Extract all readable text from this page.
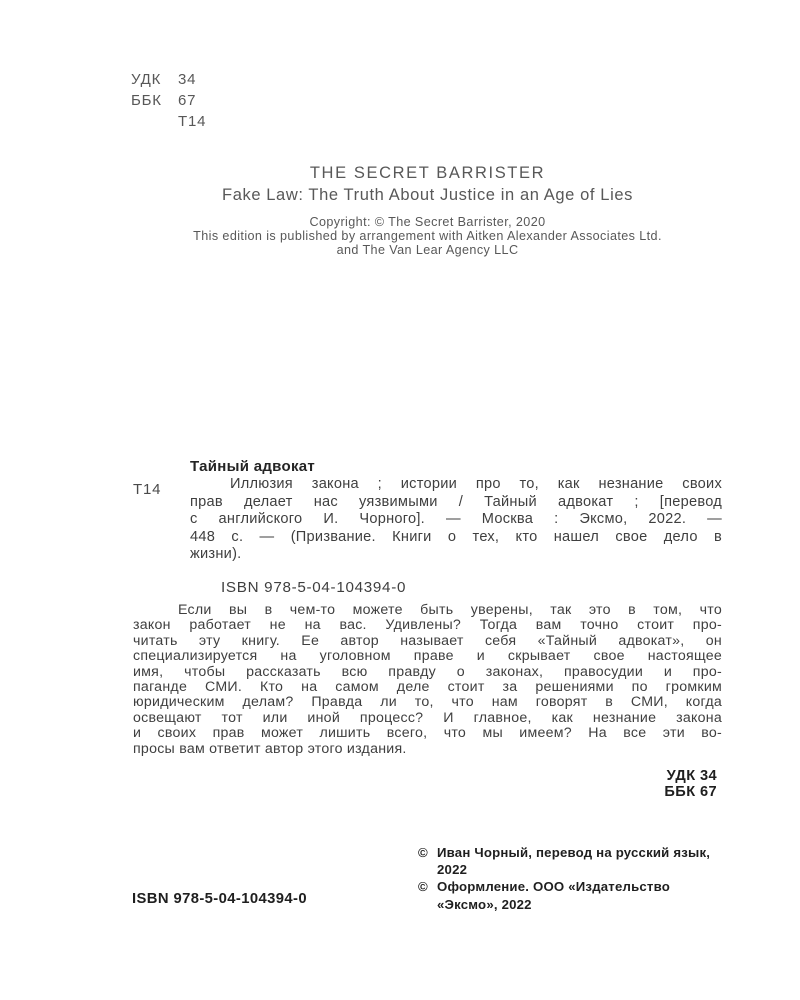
УДК	34
ББК	67
Т14
THE SECRET BARRISTER
Fake Law: The Truth About Justice in an Age of Lies
Copyright: © The Secret Barrister, 2020
This edition is published by arrangement with Aitken Alexander Associates Ltd.
and The Van Lear Agency LLC
Т14
Тайный адвокат
Иллюзия закона ; истории про то, как незнание своих
прав делает нас уязвимыми / Тайный адвокат ; [перевод
с английского И. Чорного]. — Москва : Эксмо, 2022. —
448 с. — (Призвание. Книги о тех, кто нашел свое дело в
жизни).
ISBN 978-5-04-104394-0
Если вы в чем-то можете быть уверены, так это в том, что
закон работает не на вас. Удивлены? Тогда вам точно стоит про-
читать эту книгу. Ее автор называет себя «Тайный адвокат», он
специализируется на уголовном праве и скрывает свое настоящее
имя, чтобы рассказать всю правду о законах, правосудии и про-
паганде СМИ. Кто на самом деле стоит за решениями по громким
юридическим делам? Правда ли то, что нам говорят в СМИ, когда
освещают тот или иной процесс? И главное, как незнание закона
и своих прав может лишить всего, что мы имеем? На все эти во-
просы вам ответит автор этого издания.
УДК 34
ББК 67
ISBN 978-5-04-104394-0
© Иван Чорный, перевод на русский язык,
2022
© Оформление. ООО «Издательство
«Эксмо», 2022
